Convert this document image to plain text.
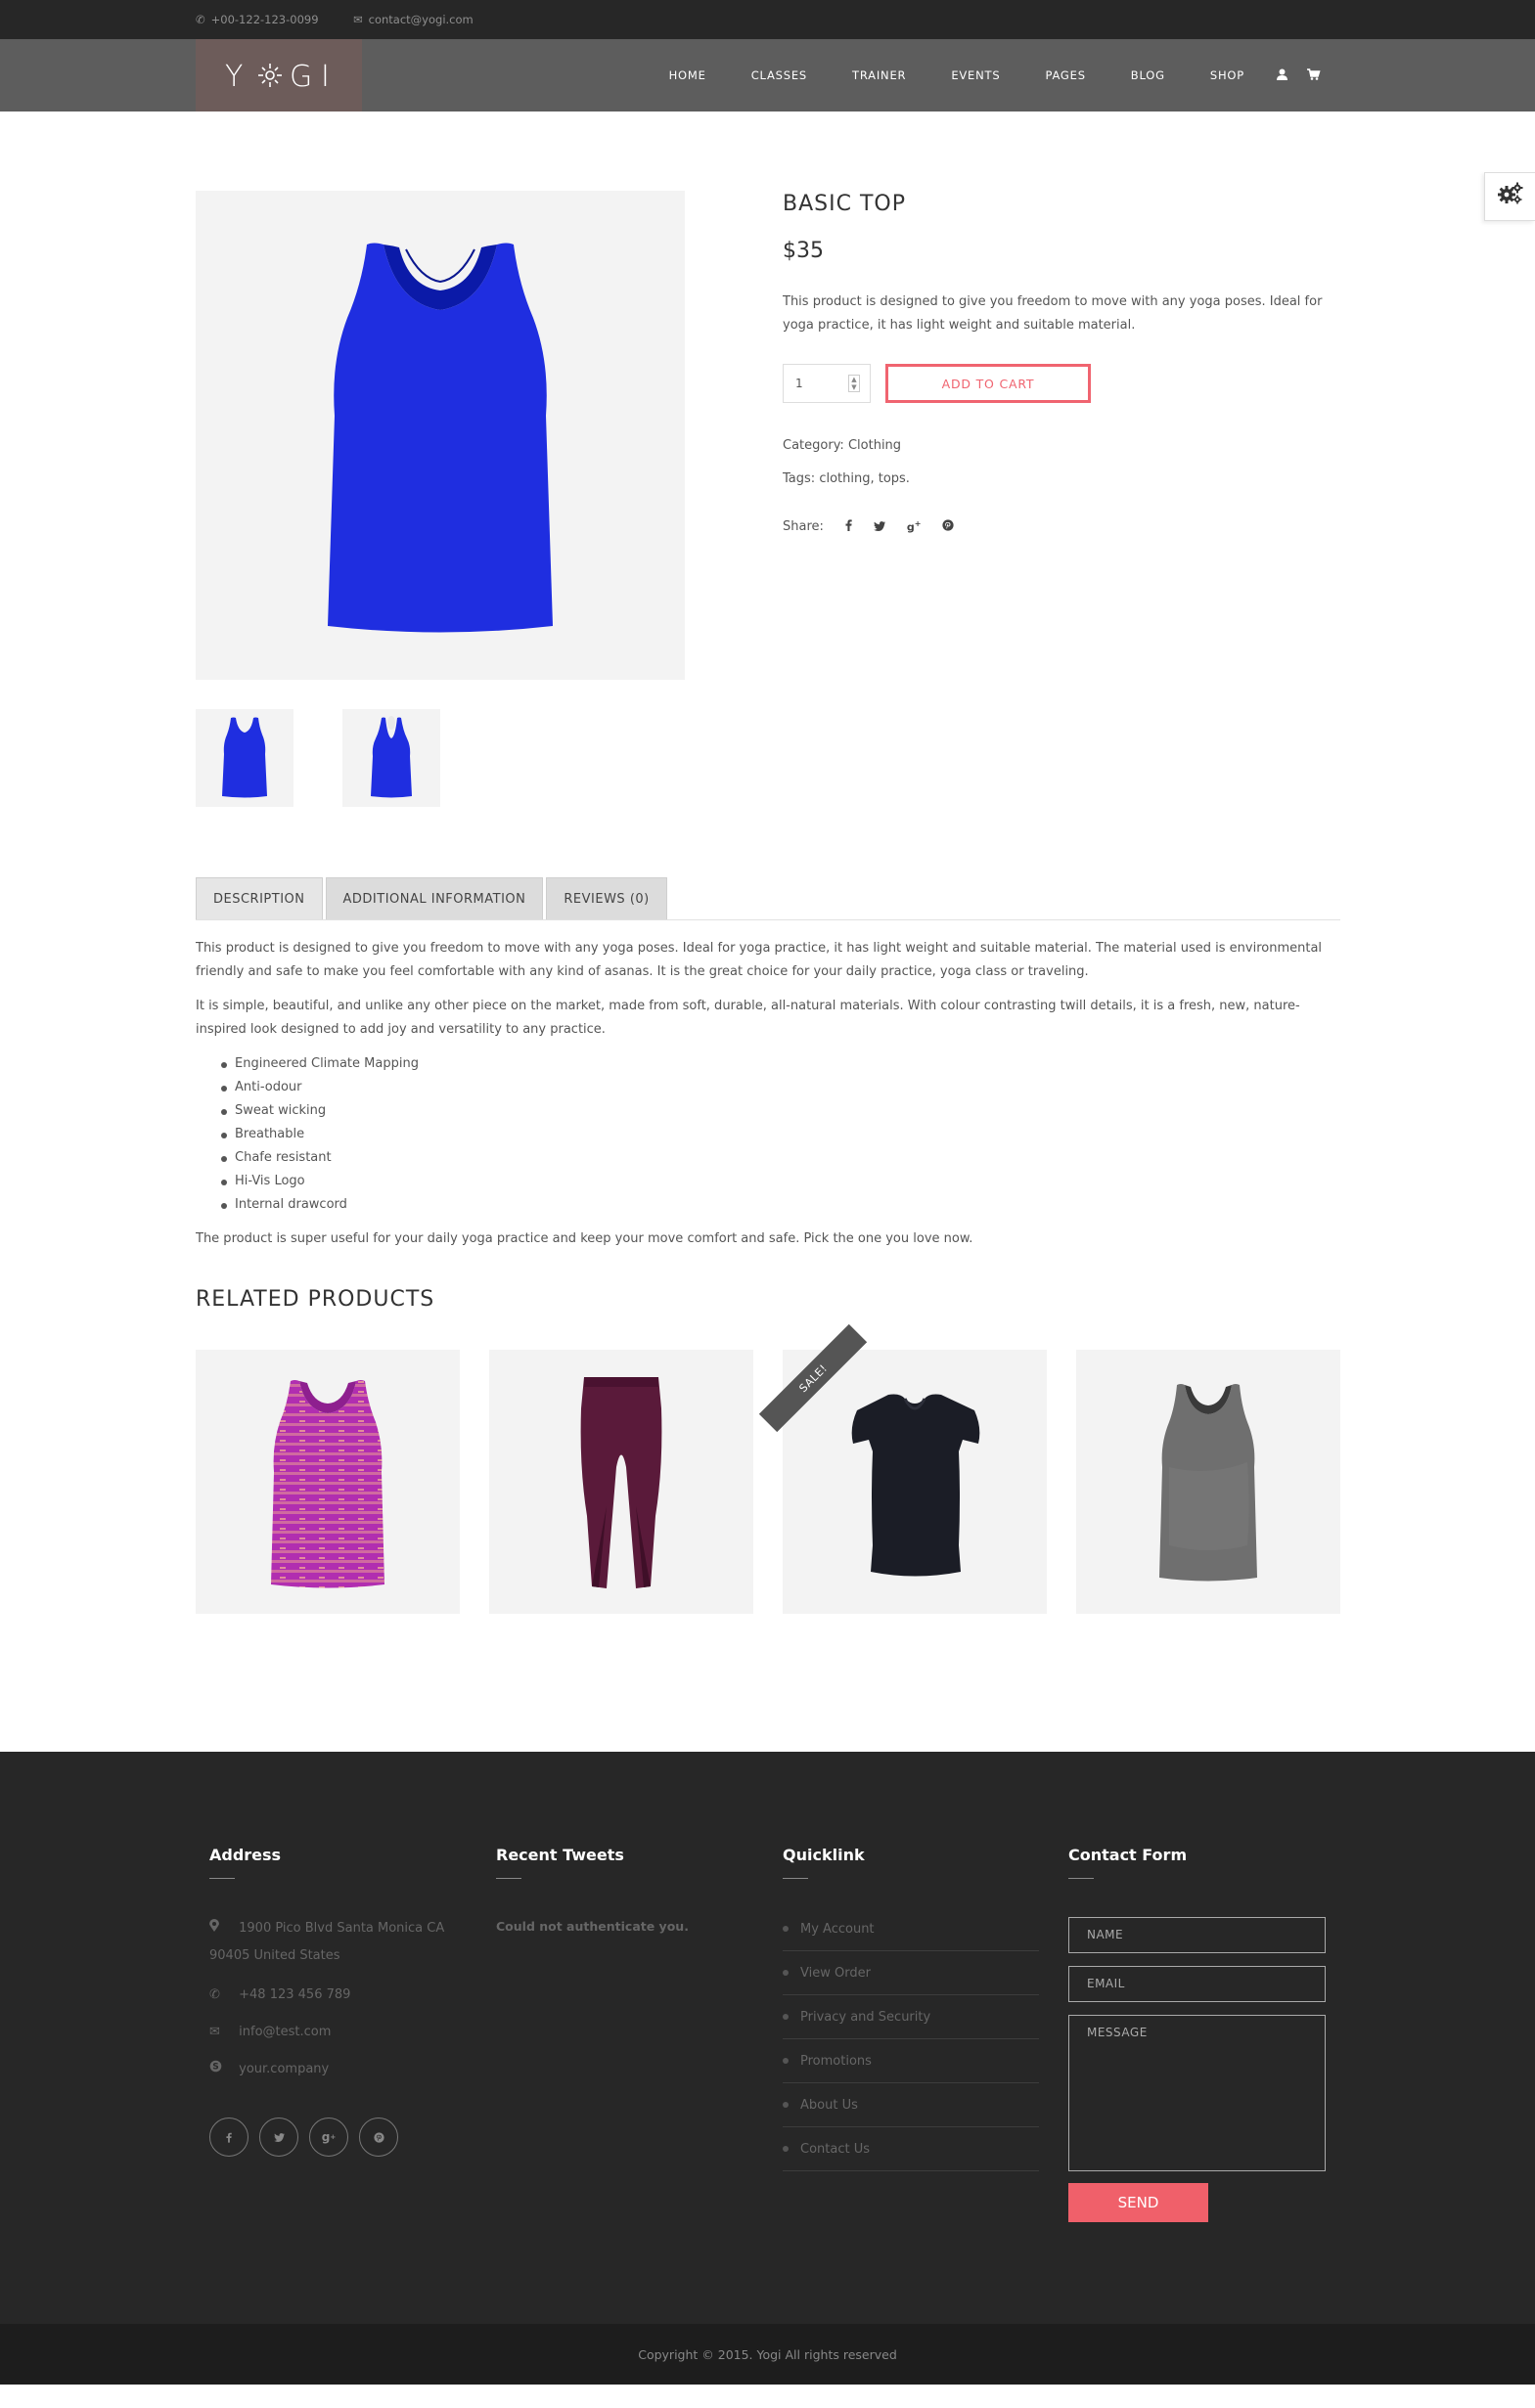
✆ +00-122-123-0099	✉ contact@yogi.com
Y G I	HOME	CLASSES	TRAINER	EVENTS	PAGES	BLOG	SHOP
BASIC TOP
$35
This product is designed to give you freedom to move with any yoga poses. Ideal for yoga practice, it has light weight and suitable material.
1	▲
▼	ADD TO CART
Category: Clothing
Tags: clothing, tops.
Share:	g+
DESCRIPTION	ADDITIONAL INFORMATION	REVIEWS (0)

This product is designed to give you freedom to move with any yoga poses. Ideal for yoga practice, it has light weight and suitable material. The material used is environmental friendly and safe to make you feel comfortable with any kind of asanas. It is the great choice for your daily practice, yoga class or traveling.

It is simple, beautiful, and unlike any other piece on the market, made from soft, durable, all-natural materials. With colour contrasting twill details, it is a fresh, new, nature-inspired look designed to add joy and versatility to any practice.

Engineered Climate Mapping
Anti-odour
Sweat wicking
Breathable
Chafe resistant
Hi-Vis Logo
Internal drawcord

The product is super useful for your daily yoga practice and keep your move comfort and safe. Pick the one you love now.

RELATED PRODUCTS
SALE!
Address	Recent Tweets	Quicklink	Contact Form
1900 Pico Blvd Santa Monica CA
90405 United States
✆ +48 123 456 789
✉ info@test.com
S your.company
g +
Could not authenticate you.	My Account
View Order
Privacy and Security
Promotions
About Us
Contact Us
NAME
EMAIL
MESSAGE
SEND
Copyright © 2015. Yogi All rights reserved
